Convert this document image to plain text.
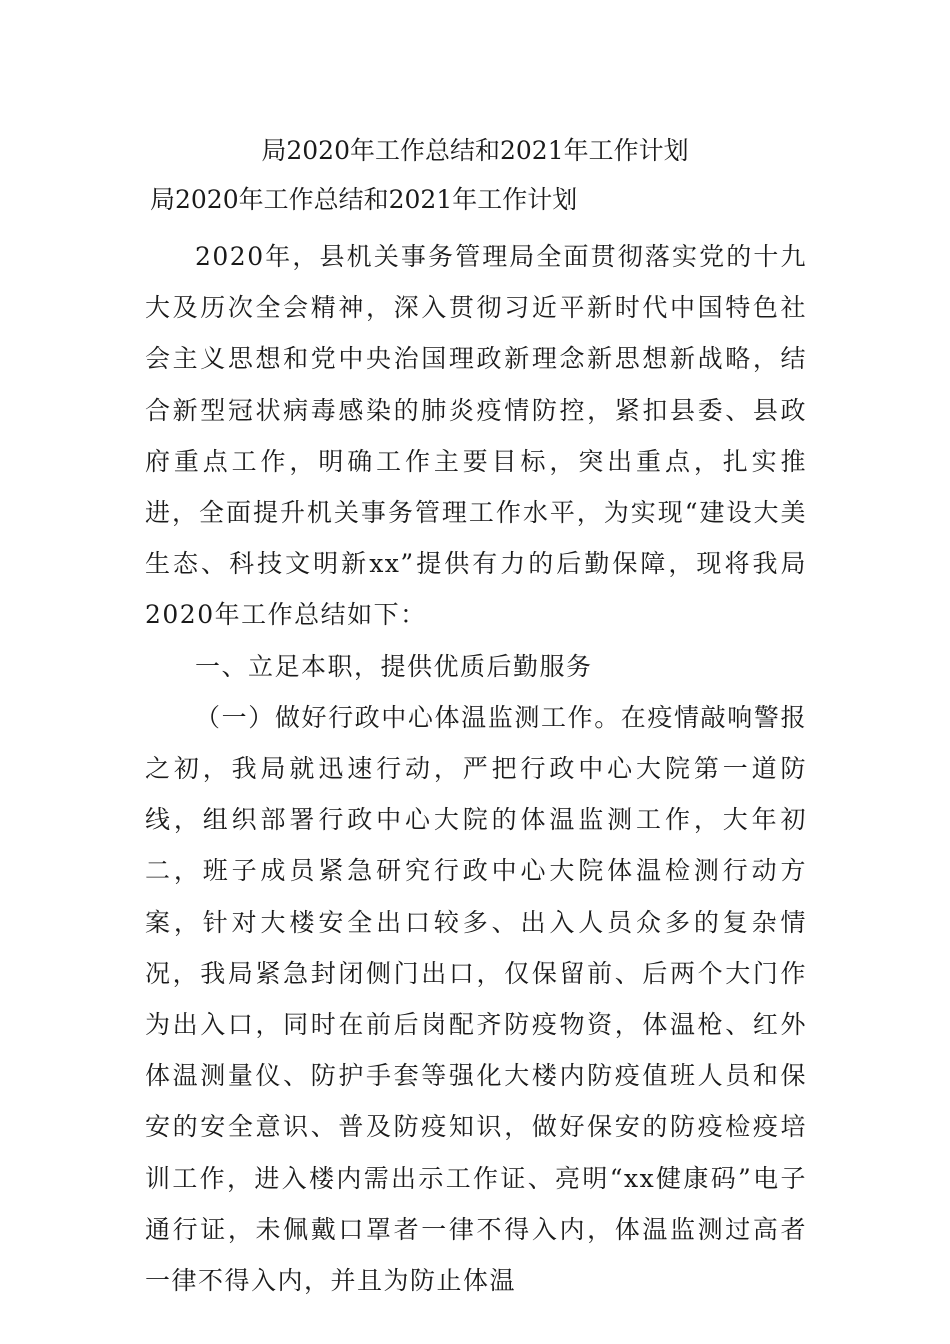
局2020年工作总结和2021年工作计划
局2020年工作总结和2021年工作计划

2020年，县机关事务管理局全面贯彻落实党的十九大及历次全会精神，深入贯彻习近平新时代中国特色社会主义思想和党中央治国理政新理念新思想新战略，结合新型冠状病毒感染的肺炎疫情防控，紧扣县委、县政府重点工作，明确工作主要目标，突出重点，扎实推进，全面提升机关事务管理工作水平，为实现“建设大美生态、科技文明新xx”提供有力的后勤保障，现将我局2020年工作总结如下：

一、立足本职，提供优质后勤服务

（一）做好行政中心体温监测工作。在疫情敲响警报之初，我局就迅速行动，严把行政中心大院第一道防线，组织部署行政中心大院的体温监测工作，大年初二，班子成员紧急研究行政中心大院体温检测行动方案，针对大楼安全出口较多、出入人员众多的复杂情况，我局紧急封闭侧门出口，仅保留前、后两个大门作为出入口，同时在前后岗配齐防疫物资，体温枪、红外体温测量仪、防护手套等强化大楼内防疫值班人员和保安的安全意识、普及防疫知识，做好保安的防疫检疫培训工作，进入楼内需出示工作证、亮明“xx健康码”电子通行证，未佩戴口罩者一律不得入内，体温监测过高者一律不得入内，并且为防止体温
